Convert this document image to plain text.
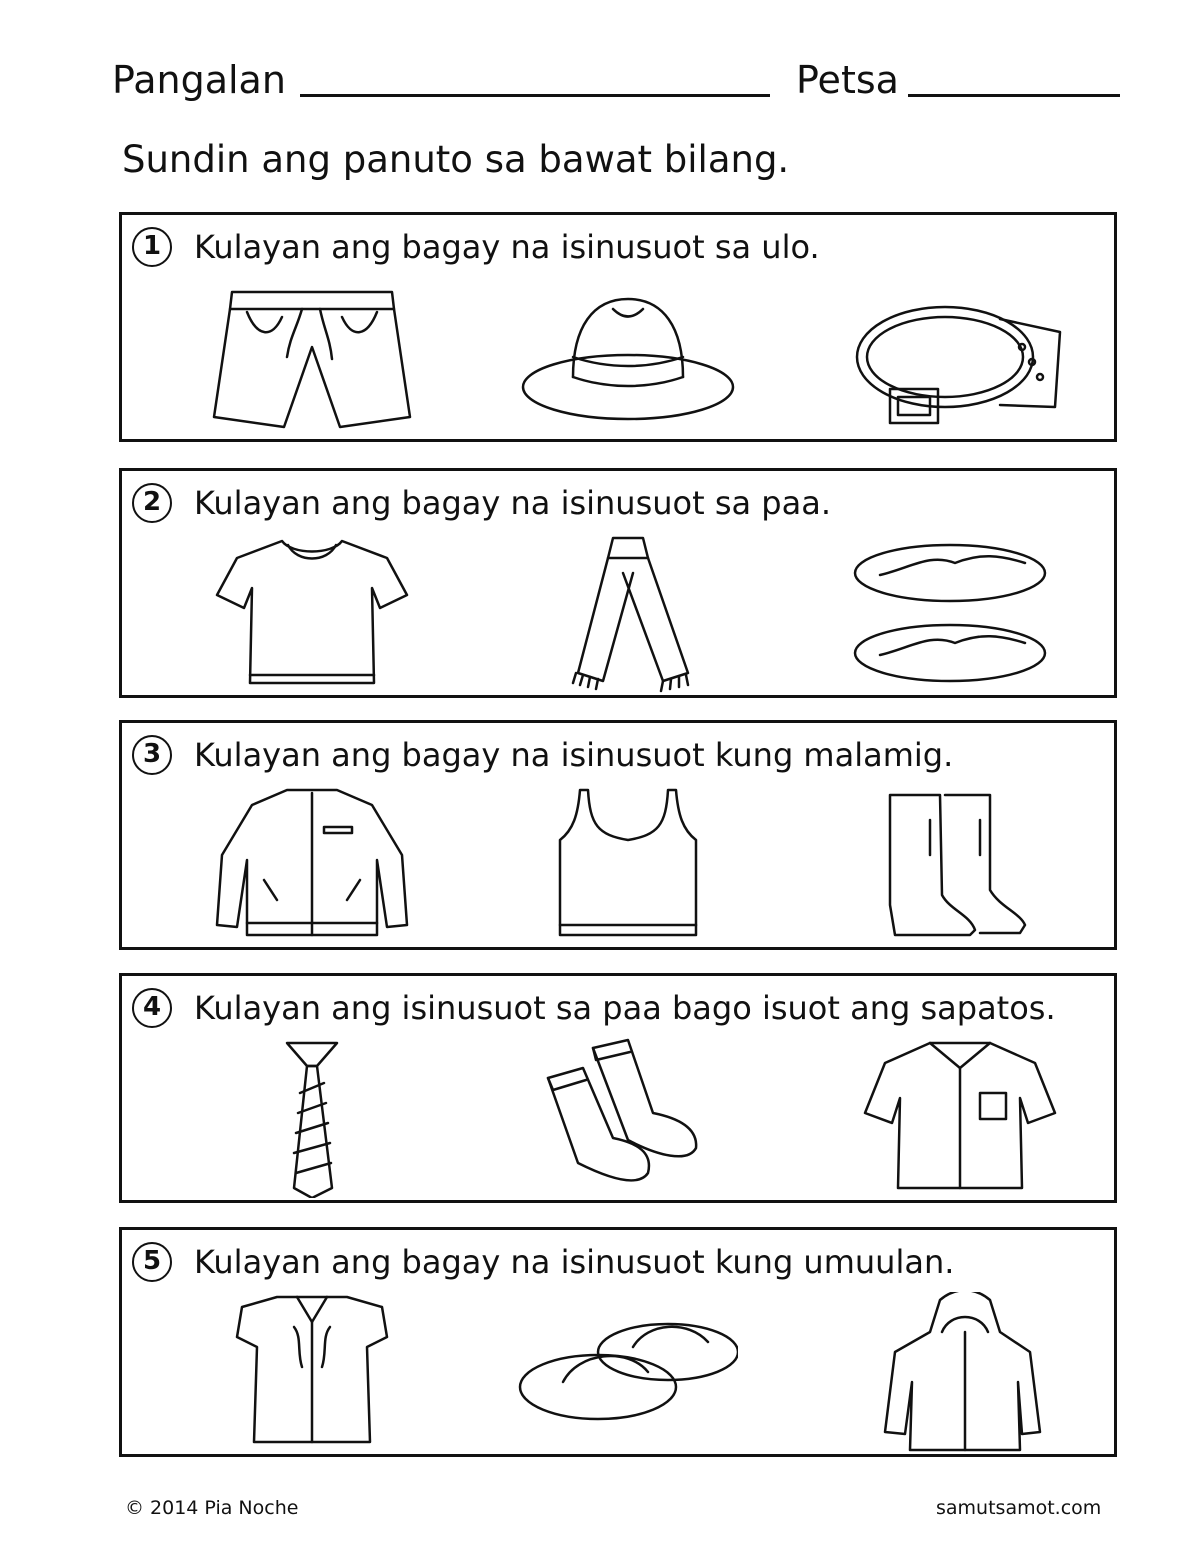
Pangalan	Petsa
Sundin ang panuto sa bawat bilang.
1	Kulayan ang bagay na isinusuot sa ulo.
2	Kulayan ang bagay na isinusuot sa paa.
3	Kulayan ang bagay na isinusuot kung malamig.
4	Kulayan ang isinusuot sa paa bago isuot ang sapatos.
5	Kulayan ang bagay na isinusuot kung umuulan.
© 2014 Pia Noche	samutsamot.com
